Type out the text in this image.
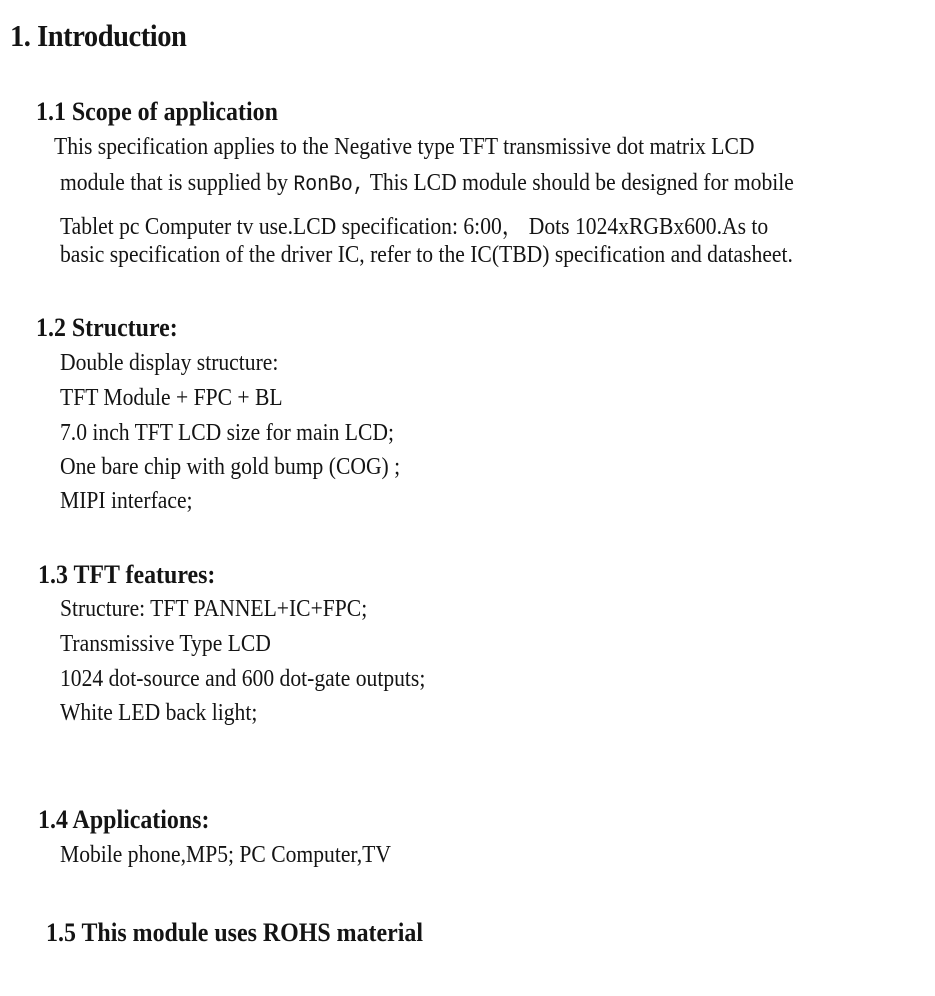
1. Introduction
1.1 Scope of application
This specification applies to the Negative type TFT transmissive dot matrix LCD
module that is supplied by RonBo, This LCD module should be designed for mobile
Tablet pc Computer tv use.LCD specification: 6:00， Dots 1024xRGBx600.As to
basic specification of the driver IC, refer to the IC(TBD) specification and datasheet.
1.2 Structure:
Double display structure:
TFT Module + FPC + BL
7.0 inch TFT LCD size for main LCD;
One bare chip with gold bump (COG) ;
MIPI interface;
1.3 TFT features:
Structure: TFT PANNEL+IC+FPC;
Transmissive Type LCD
1024 dot-source and 600 dot-gate outputs;
White LED back light;
1.4 Applications:
Mobile phone,MP5; PC Computer,TV
1.5 This module uses ROHS material
